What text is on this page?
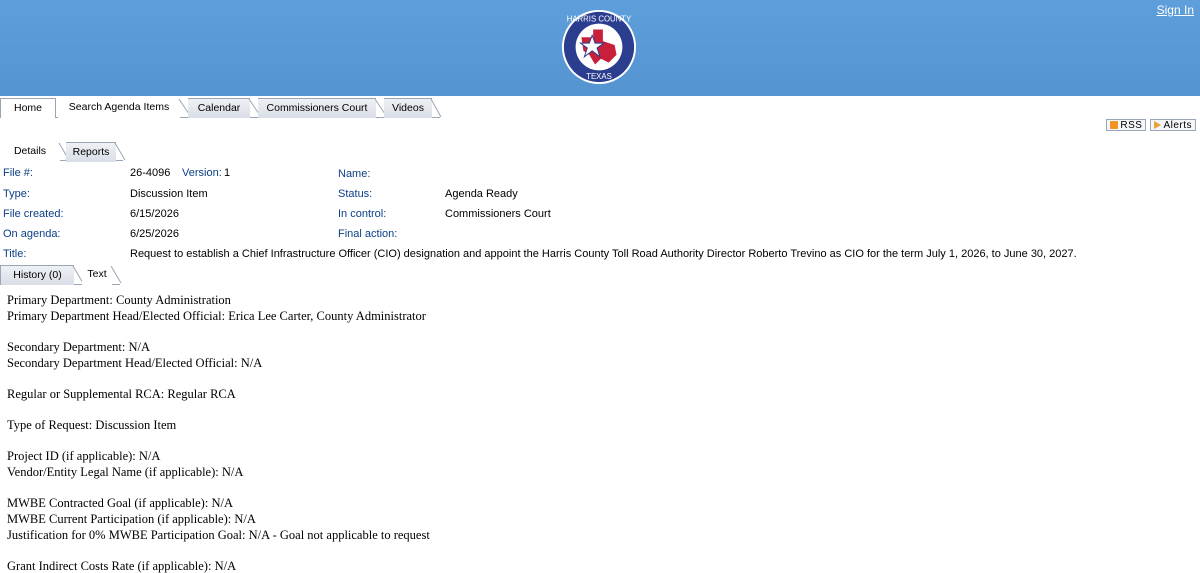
Sign In
HARRIS COUNTY
TEXAS
Home	Search Agenda Items	Calendar	Commissioners Court	Videos
RSS Alerts
Details	Reports
File #:	26-4096 Version: 1	Name:
Type:	Discussion Item	Status:	Agenda Ready
File created:	6/15/2026	In control:	Commissioners Court
On agenda:	6/25/2026	Final action:
Title:	Request to establish a Chief Infrastructure Officer (CIO) designation and appoint the Harris County Toll Road Authority Director Roberto Trevino as CIO for the term July 1, 2026, to June 30, 2027.
History (0)	Text

Primary Department: County Administration

Primary Department Head/Elected Official: Erica Lee Carter, County Administrator

Secondary Department: N/A

Secondary Department Head/Elected Official: N/A

Regular or Supplemental RCA: Regular RCA

Type of Request: Discussion Item

Project ID (if applicable): N/A

Vendor/Entity Legal Name (if applicable): N/A

MWBE Contracted Goal (if applicable): N/A

MWBE Current Participation (if applicable): N/A

Justification for 0% MWBE Participation Goal: N/A - Goal not applicable to request

Grant Indirect Costs Rate (if applicable): N/A
